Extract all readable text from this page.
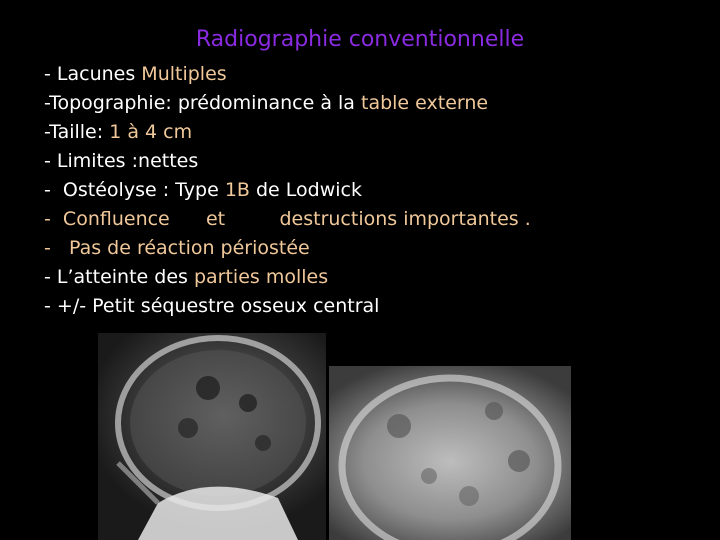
Radiographie conventionnelle
- Lacunes Multiples
-Topographie: prédominance à la table externe
-Taille: 1 à 4 cm
- Limites :nettes
-  Ostéolyse : Type 1B de Lodwick
-  Confluence      et         destructions importantes .
-   Pas de réaction périostée
- L’atteinte des parties molles
- +/- Petit séquestre osseux central
